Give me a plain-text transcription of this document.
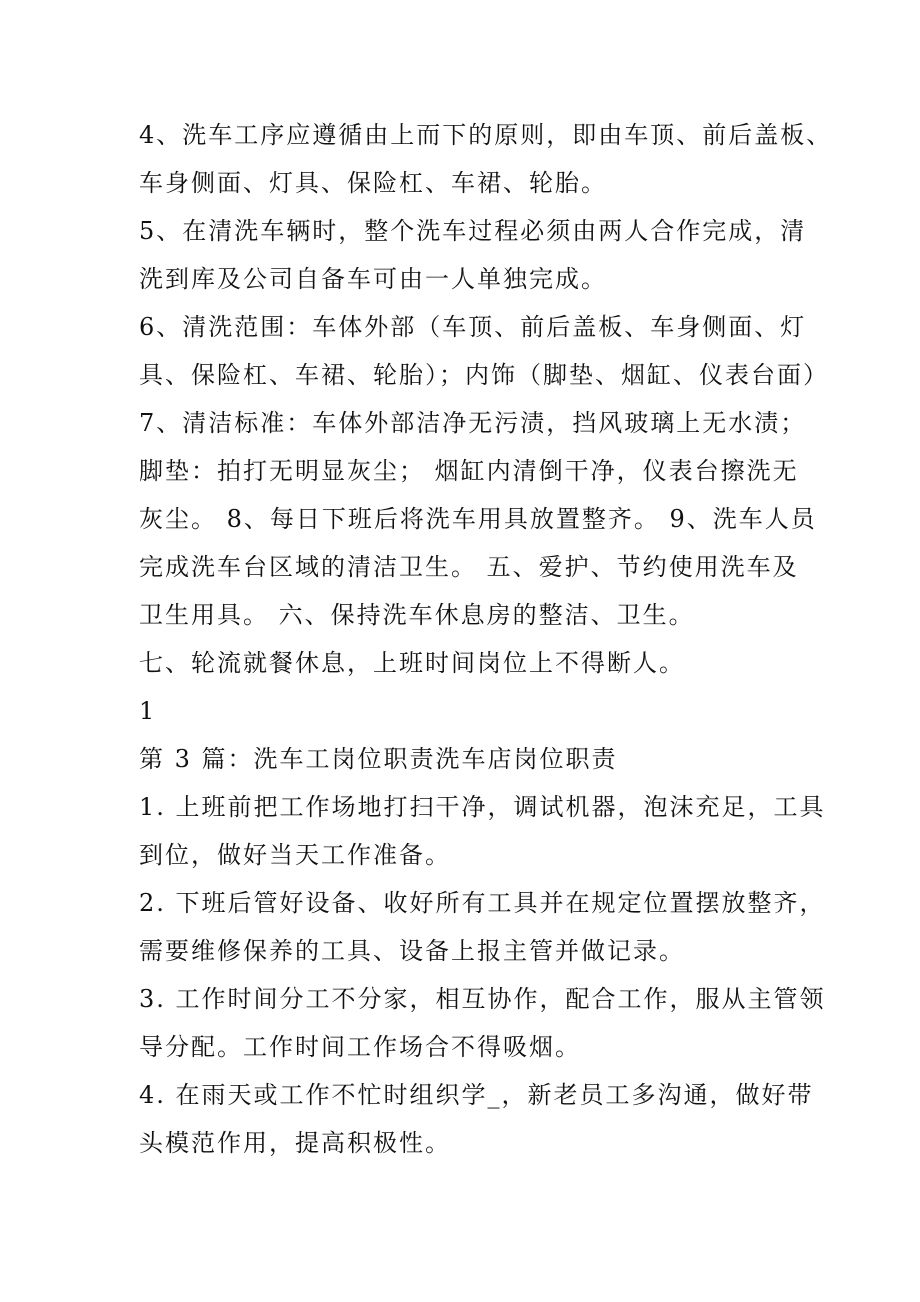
4、洗车工序应遵循由上而下的原则，即由车顶、前后盖板、
车身侧面、灯具、保险杠、车裙、轮胎。
5、在清洗车辆时，整个洗车过程必须由两人合作完成，清
洗到库及公司自备车可由一人单独完成。
6、清洗范围：车体外部（车顶、前后盖板、车身侧面、灯
具、保险杠、车裙、轮胎）；内饰（脚垫、烟缸、仪表台面）
7、清洁标准：车体外部洁净无污渍，挡风玻璃上无水渍；
脚垫：拍打无明显灰尘； 烟缸内清倒干净，仪表台擦洗无
灰尘。 8、每日下班后将洗车用具放置整齐。 9、洗车人员
完成洗车台区域的清洁卫生。 五、爱护、节约使用洗车及
卫生用具。 六、保持洗车休息房的整洁、卫生。
七、轮流就餐休息，上班时间岗位上不得断人。
1
第 3 篇：洗车工岗位职责洗车店岗位职责
1. 上班前把工作场地打扫干净，调试机器，泡沫充足，工具
到位，做好当天工作准备。
2. 下班后管好设备、收好所有工具并在规定位置摆放整齐，
需要维修保养的工具、设备上报主管并做记录。
3. 工作时间分工不分家，相互协作，配合工作，服从主管领
导分配。工作时间工作场合不得吸烟。
4. 在雨天或工作不忙时组织学_，新老员工多沟通，做好带
头模范作用，提高积极性。
